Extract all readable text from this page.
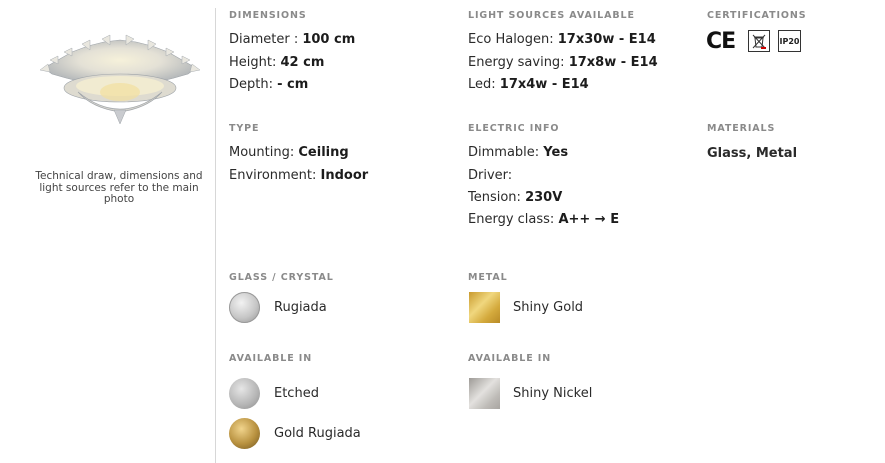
Technical draw, dimensions and light sources refer to the main photo
DIMENSIONS
Diameter : 100 cm
Height: 42 cm
Depth: - cm
LIGHT SOURCES AVAILABLE
Eco Halogen: 17x30w - E14
Energy saving: 17x8w - E14
Led: 17x4w - E14
CERTIFICATIONS
CE	IP20
TYPE
Mounting: Ceiling
Environment: Indoor
ELECTRIC INFO
Dimmable: Yes
Driver:
Tension: 230V
Energy class: A++ → E
MATERIALS
Glass, Metal
GLASS / CRYSTAL
Rugiada
AVAILABLE IN
Etched
Gold Rugiada
METAL
Shiny Gold
AVAILABLE IN
Shiny Nickel
